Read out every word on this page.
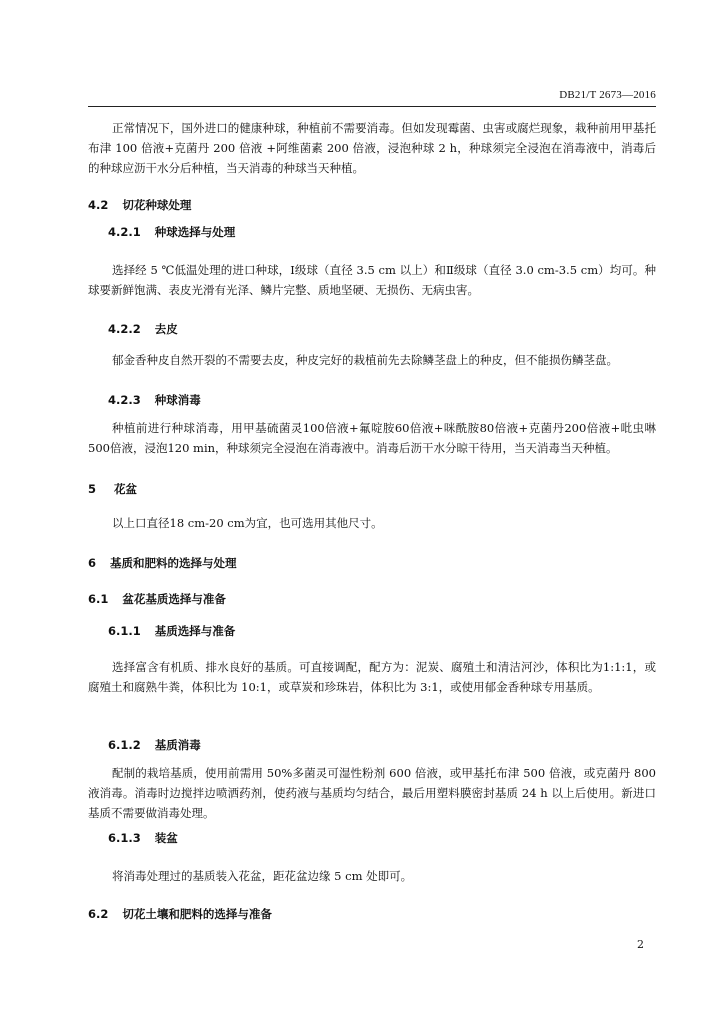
DB21/T 2673—2016

正常情况下，国外进口的健康种球，种植前不需要消毒。但如发现霉菌、虫害或腐烂现象，栽种前用甲基托布津 100 倍液+克菌丹 200 倍液 +阿维菌素 200 倍液，浸泡种球 2 h，种球须完全浸泡在消毒液中，消毒后的种球应沥干水分后种植，当天消毒的种球当天种植。

4.2 切花种球处理
4.2.1 种球选择与处理

选择经 5 ℃低温处理的进口种球，Ⅰ级球（直径 3.5 cm 以上）和Ⅱ级球（直径 3.0 cm-3.5 cm）均可。种球要新鲜饱满、表皮光滑有光泽、鳞片完整、质地坚硬、无损伤、无病虫害。

4.2.2 去皮

郁金香种皮自然开裂的不需要去皮，种皮完好的栽植前先去除鳞茎盘上的种皮，但不能损伤鳞茎盘。

4.2.3 种球消毒

种植前进行种球消毒，用甲基硫菌灵100倍液+氟啶胺60倍液+咪酰胺80倍液+克菌丹200倍液+吡虫啉500倍液，浸泡120 min，种球须完全浸泡在消毒液中。消毒后沥干水分晾干待用，当天消毒当天种植。

5 花盆

以上口直径18 cm-20 cm为宜，也可选用其他尺寸。

6 基质和肥料的选择与处理
6.1 盆花基质选择与准备
6.1.1 基质选择与准备

选择富含有机质、排水良好的基质。可直接调配，配方为：泥炭、腐殖土和清洁河沙，体积比为1:1:1，或腐殖土和腐熟牛粪，体积比为 10:1，或草炭和珍珠岩，体积比为 3:1，或使用郁金香种球专用基质。

6.1.2 基质消毒

配制的栽培基质，使用前需用 50%多菌灵可湿性粉剂 600 倍液，或甲基托布津 500 倍液，或克菌丹 800 液消毒。消毒时边搅拌边喷洒药剂，使药液与基质均匀结合，最后用塑料膜密封基质 24 h 以上后使用。新进口基质不需要做消毒处理。

6.1.3 装盆

将消毒处理过的基质装入花盆，距花盆边缘 5 cm 处即可。

6.2 切花土壤和肥料的选择与准备
2
